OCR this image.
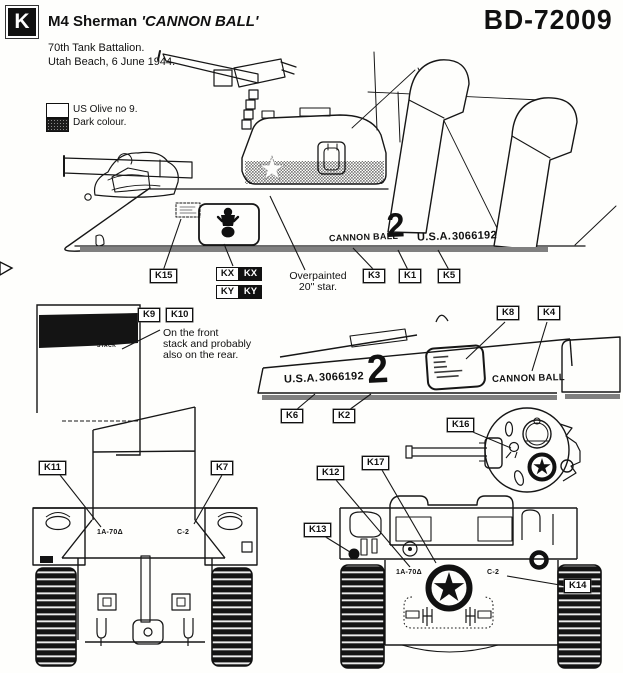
K	M4 Sherman 'CANNON BALL'	BD-72009
70th Tank Battalion.
Utah Beach, 6 June 1944.
US Olive no 9.
Dark colour.
CANNON BALL
2 U.S.A. 3066192
U.S.A. 3066192 2	CANNON BALL
1A-70Δ	C-2
1A-70Δ	C-2
STACK
Overpainted
20" star.
On the front
stack and probably
also on the rear.
K15	KX	KX
KY	KY
K3	K1	K5
K9	K10	K8	K4
K6	K2
K16
K11	K7	K12
K17
K13
K14
